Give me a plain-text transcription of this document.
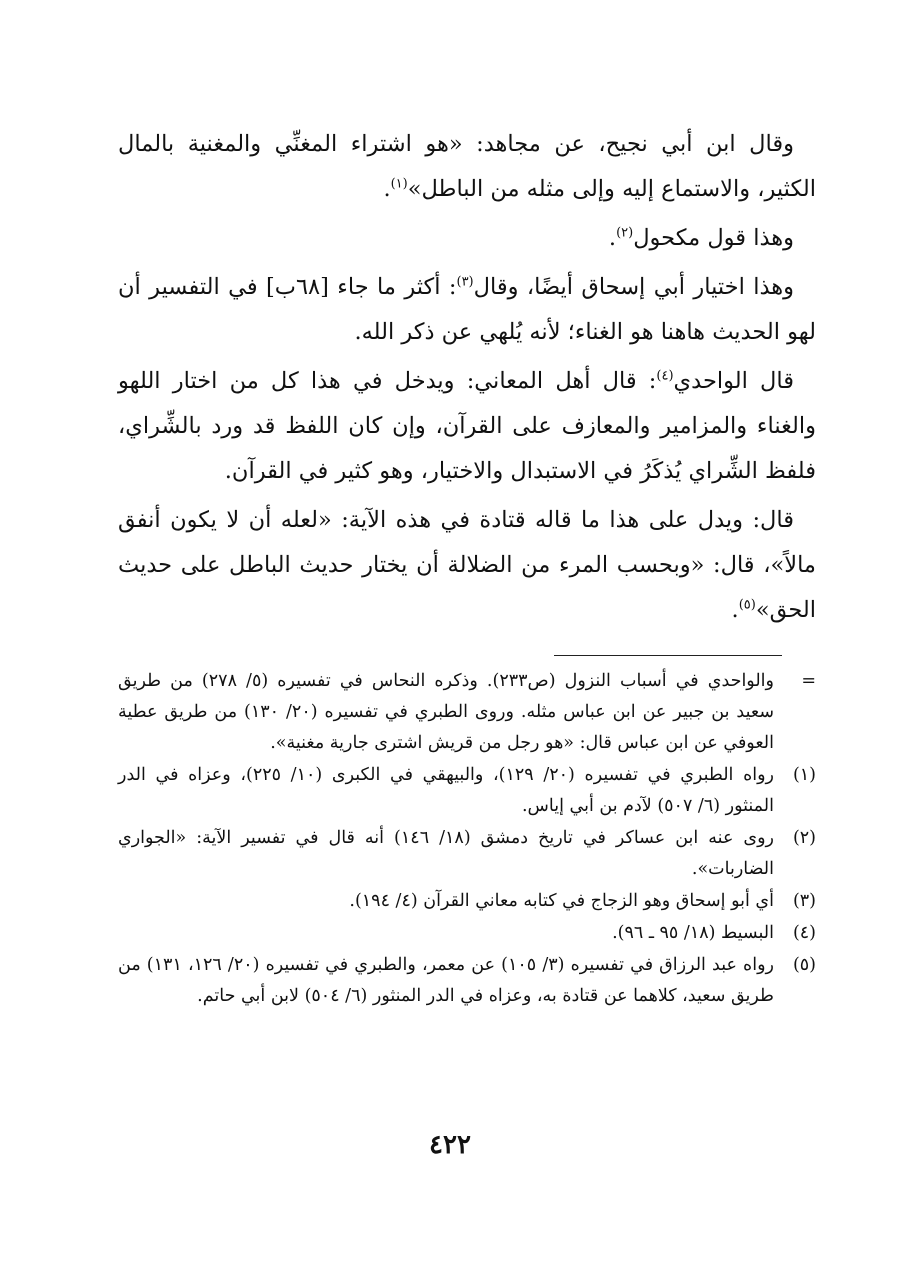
وقال ابن أبي نجيح، عن مجاهد: «هو اشتراء المغنِّي والمغنية بالمال الكثير، والاستماع إليه وإلى مثله من الباطل»$^{(١)}$.

وهذا قول مكحول$^{(٢)}$.

وهذا اختيار أبي إسحاق أيضًا، وقال$^{(٣)}$: أكثر ما جاء [٦٨ب] في التفسير أن لهو الحديث هاهنا هو الغناء؛ لأنه يُلهي عن ذكر الله.

قال الواحدي$^{(٤)}$: قال أهل المعاني: ويدخل في هذا كل من اختار اللهو والغناء والمزامير والمعازف على القرآن، وإن كان اللفظ قد ورد بالشِّراي، فلفظ الشِّراي يُذكَرُ في الاستبدال والاختيار، وهو كثير في القرآن.

قال: ويدل على هذا ما قاله قتادة في هذه الآية: «لعله أن لا يكون أنفق مالاً»، قال: «وبحسب المرء من الضلالة أن يختار حديث الباطل على حديث الحق»$^{(٥)}$.

=
والواحدي في أسباب النزول (ص٢٣٣). وذكره النحاس في تفسيره (٥/ ٢٧٨) من طريق سعيد بن جبير عن ابن عباس مثله. وروى الطبري في تفسيره (٢٠/ ١٣٠) من طريق عطية العوفي عن ابن عباس قال: «هو رجل من قريش اشترى جارية مغنية».
(١)
رواه الطبري في تفسيره (٢٠/ ١٢٩)، والبيهقي في الكبرى (١٠/ ٢٢٥)، وعزاه في الدر المنثور (٦/ ٥٠٧) لآدم بن أبي إياس.
(٢)
روى عنه ابن عساكر في تاريخ دمشق (١٨/ ١٤٦) أنه قال في تفسير الآية: «الجواري الضاربات».
(٣)
أي أبو إسحاق وهو الزجاج في كتابه معاني القرآن (٤/ ١٩٤).
(٤)
البسيط (١٨/ ٩٥ ـ ٩٦).
(٥)
رواه عبد الرزاق في تفسيره (٣/ ١٠٥) عن معمر، والطبري في تفسيره (٢٠/ ١٢٦، ١٣١) من طريق سعيد، كلاهما عن قتادة به، وعزاه في الدر المنثور (٦/ ٥٠٤) لابن أبي حاتم.
٤٢٢
